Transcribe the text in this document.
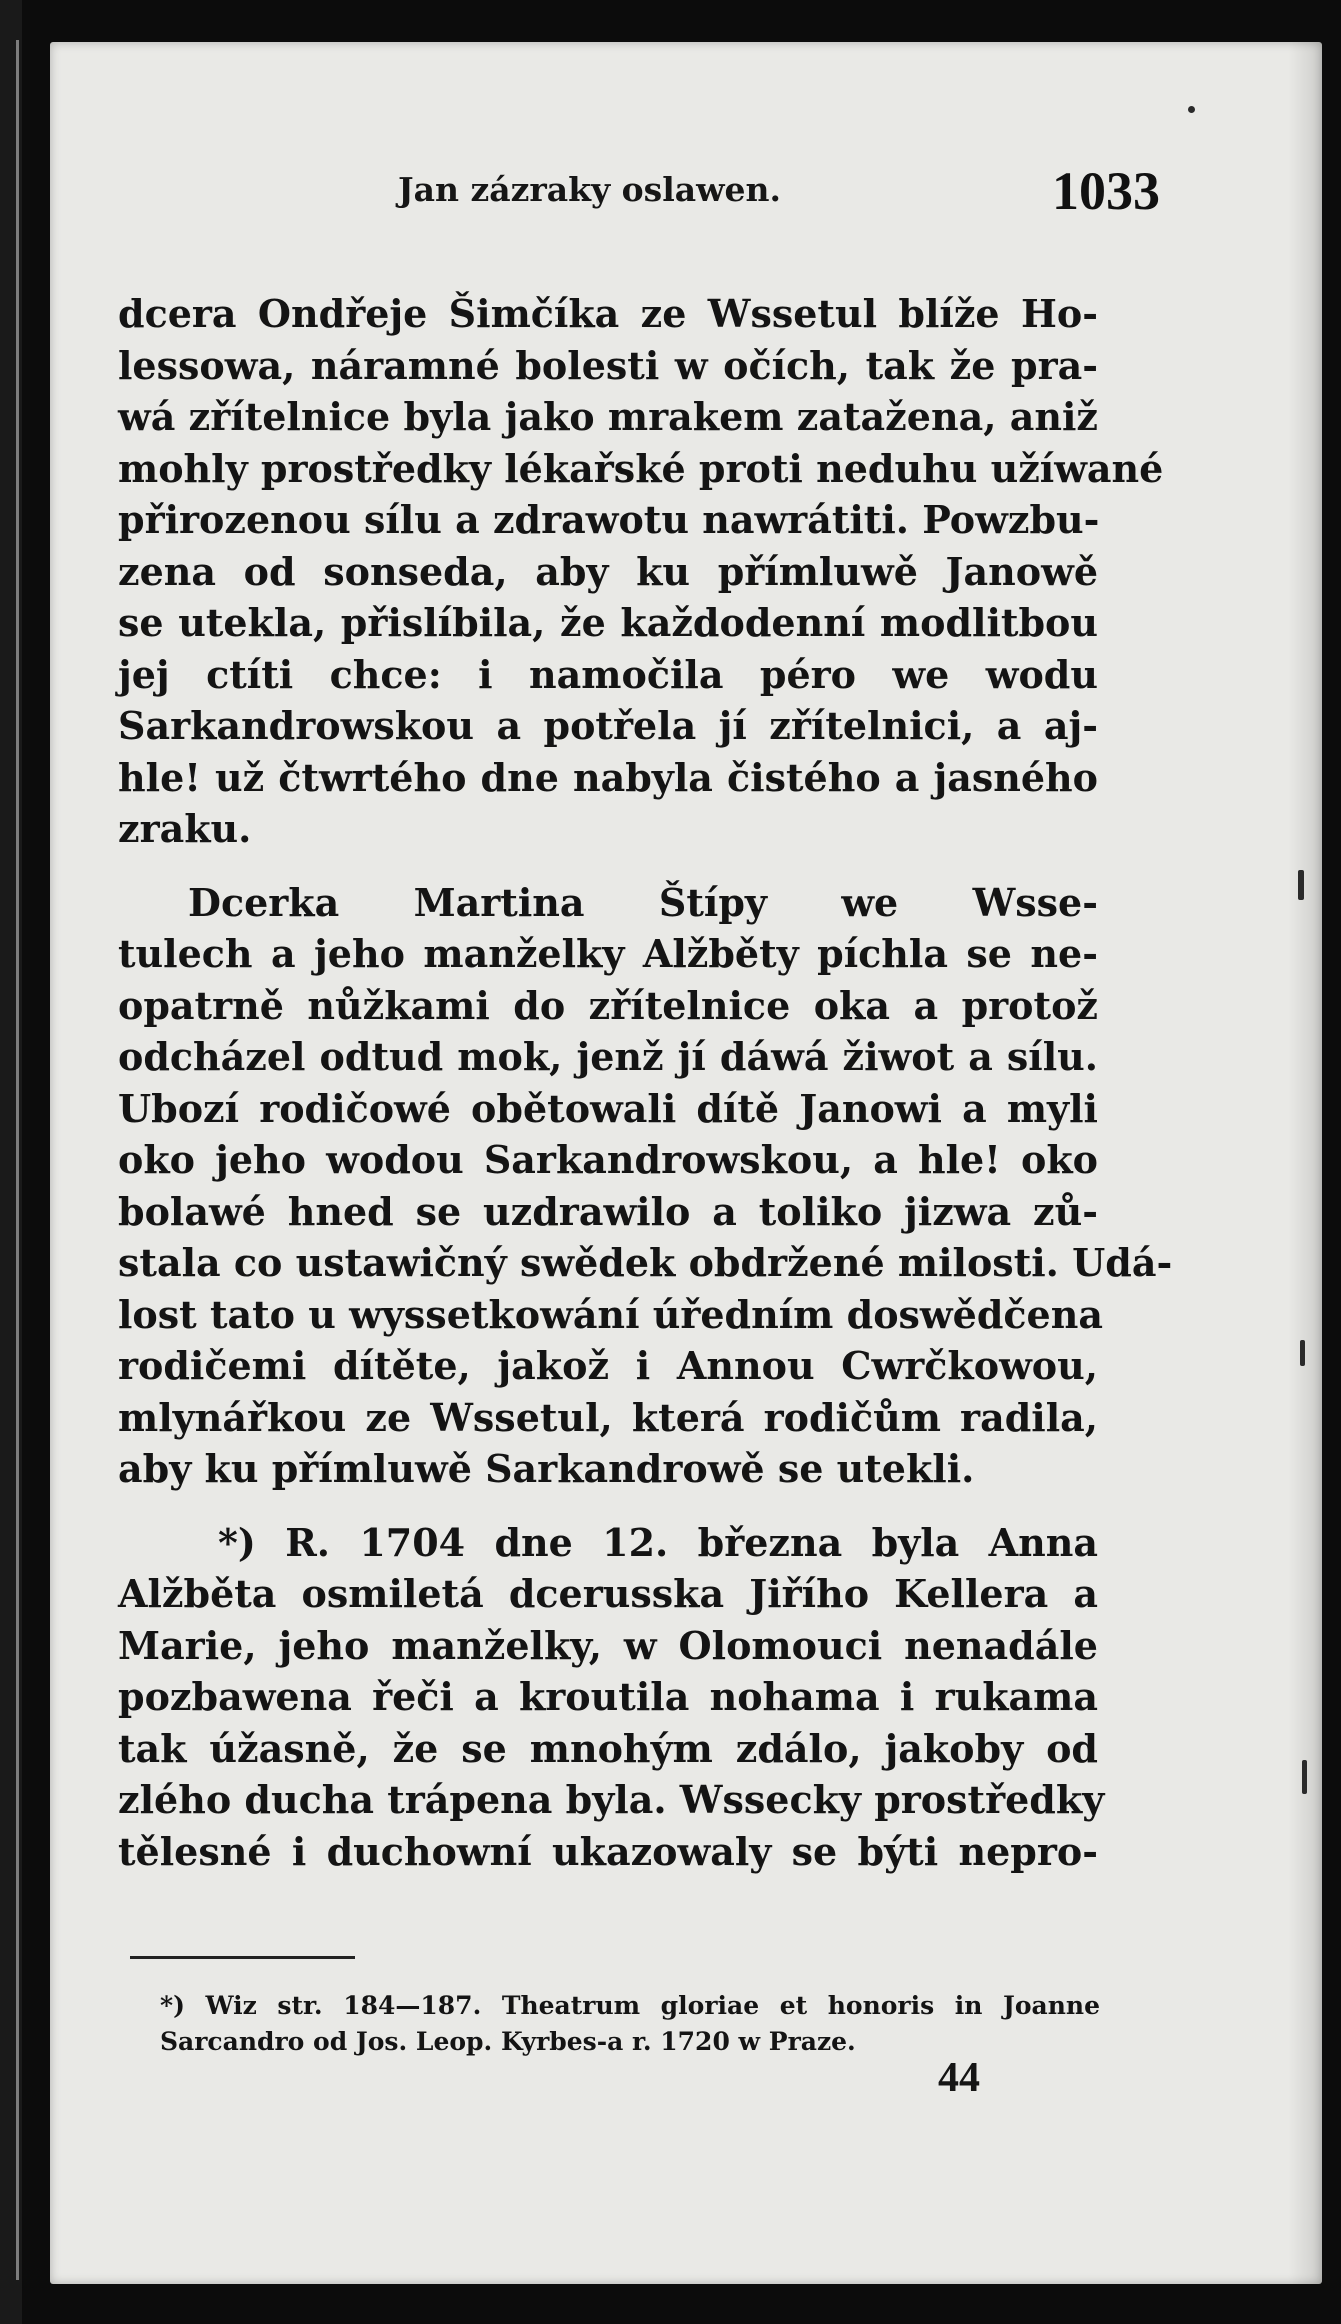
Jan zázraky oslawen.	1033
dcera Ondřeje Šimčíka ze Wssetul blíže Ho-
lessowa, náramné bolesti w očích, tak že pra-
wá zřítelnice byla jako mrakem zatažena, aniž
mohly prostředky lékařské proti neduhu užíwané
přirozenou sílu a zdrawotu nawrátiti. Powzbu-
zena od sonseda, aby ku přímluwě Janowě
se utekla, přislíbila, že každodenní modlitbou
jej ctíti chce: i namočila péro we wodu
Sarkandrowskou a potřela jí zřítelnici, a aj-
hle! už čtwrtého dne nabyla čistého a jasného
zraku.
Dcerka Martina Štípy we Wsse-
tulech a jeho manželky Alžběty píchla se ne-
opatrně nůžkami do zřítelnice oka a protož
odcházel odtud mok, jenž jí dáwá žiwot a sílu.
Ubozí rodičowé obětowali dítě Janowi a myli
oko jeho wodou Sarkandrowskou, a hle! oko
bolawé hned se uzdrawilo a toliko jizwa zů-
stala co ustawičný swědek obdržené milosti. Udá-
lost tato u wyssetkowání úředním doswědčena
rodičemi dítěte, jakož i Annou Cwrčkowou,
mlynářkou ze Wssetul, která rodičům radila,
aby ku přímluwě Sarkandrowě se utekli.
*) R. 1704 dne 12. března byla Anna
Alžběta osmiletá dcerusska Jiřího Kellera a
Marie, jeho manželky, w Olomouci nenadále
pozbawena řeči a kroutila nohama i rukama
tak úžasně, že se mnohým zdálo, jakoby od
zlého ducha trápena byla. Wssecky prostředky
tělesné i duchowní ukazowaly se býti nepro-
*) Wiz str. 184—187. Theatrum gloriae et honoris in Joanne
Sarcandro od Jos. Leop. Kyrbes-a r. 1720 w Praze.
44
